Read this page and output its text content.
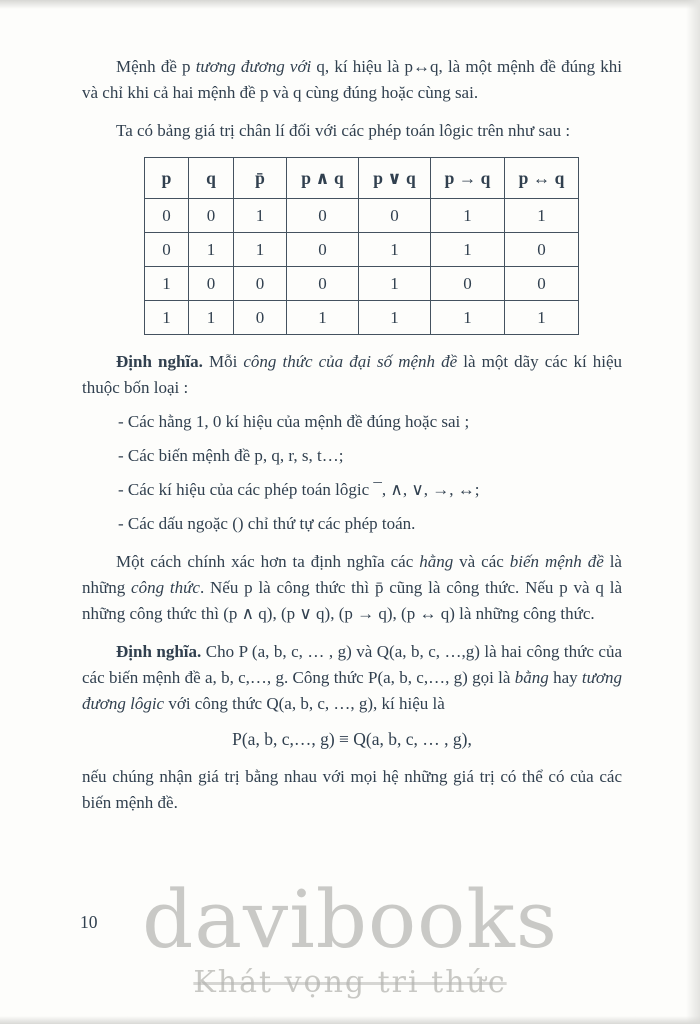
Mệnh đề p tương đương với q, kí hiệu là p↔q, là một mệnh đề đúng khi và chỉ khi cả hai mệnh đề p và q cùng đúng hoặc cùng sai.

Ta có bảng giá trị chân lí đối với các phép toán lôgic trên như sau :

p	q	p̄	p ∧ q	p ∨ q	p → q	p ↔ q
0	0	1	0	0	1	1
0	1	1	0	1	1	0
1	0	0	0	1	0	0
1	1	0	1	1	1	1

Định nghĩa. Mỗi công thức của đại số mệnh đề là một dãy các kí hiệu thuộc bốn loại :

- Các hằng 1, 0 kí hiệu của mệnh đề đúng hoặc sai ;
- Các biến mệnh đề p, q, r, s, t…;
- Các kí hiệu của các phép toán lôgic ¯, ∧, ∨, →, ↔;
- Các dấu ngoặc () chỉ thứ tự các phép toán.

Một cách chính xác hơn ta định nghĩa các hằng và các biến mệnh đề là những công thức. Nếu p là công thức thì p̄ cũng là công thức. Nếu p và q là những công thức thì (p ∧ q), (p ∨ q), (p → q), (p ↔ q) là những công thức.

Định nghĩa. Cho P (a, b, c, … , g) và Q(a, b, c, …,g) là hai công thức của các biến mệnh đề a, b, c,…, g. Công thức P(a, b, c,…, g) gọi là bằng hay tương đương lôgic với công thức Q(a, b, c, …, g), kí hiệu là

P(a, b, c,…, g) ≡ Q(a, b, c, … , g),

nếu chúng nhận giá trị bằng nhau với mọi hệ những giá trị có thể có của các biến mệnh đề.

10 davibooks
Khát vọng tri thức
